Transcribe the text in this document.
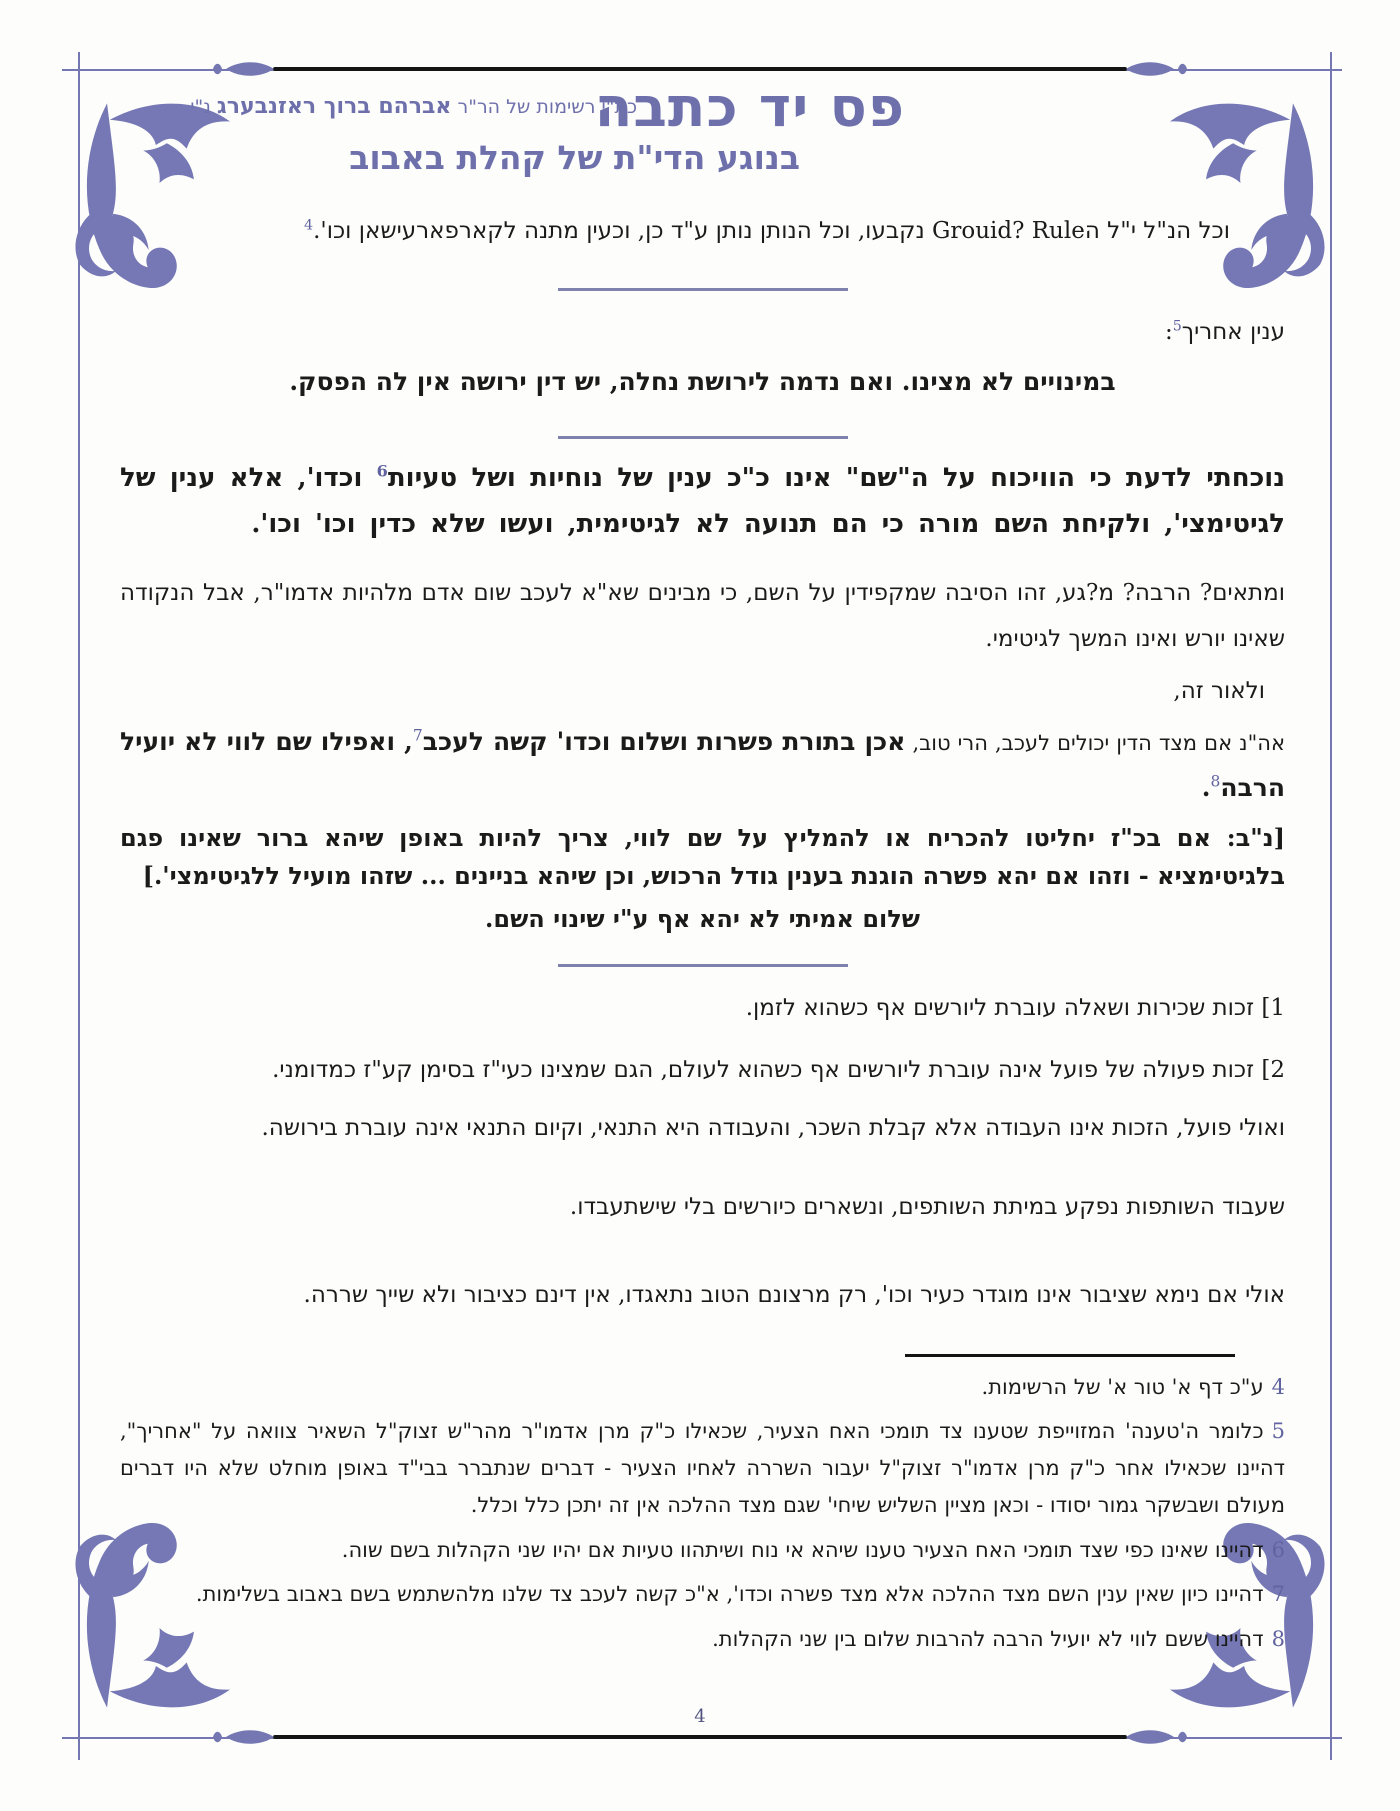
פס יד כתבה
כת"י רשימות של הר"ר אברהם ברוך ראזנבערג נ"י
בנוגע הדי"ת של קהלת באבוב

וכל הנ"ל י"ל הGrouid? Rule נקבעו, וכל הנותן נותן ע"ד כן, וכעין מתנה לקארפארעישאן וכו'.$^4$

ענין אחריך$^5$:

במינויים לא מצינו. ואם נדמה לירושת נחלה, יש דין ירושה אין לה הפסק.

נוכחתי לדעת כי הוויכוח על ה"שם" אינו כ"כ ענין של נוחיות ושל טעיות$^6$ וכדו', אלא ענין של לגיטימצי', ולקיחת השם מורה כי הם תנועה לא לגיטימית, ועשו שלא כדין וכו' וכו'.

ומתאים? הרבה? מ?גע, זהו הסיבה שמקפידין על השם, כי מבינים שא"א לעכב שום אדם מלהיות אדמו"ר, אבל הנקודה שאינו יורש ואינו המשך לגיטימי.

ולאור זה,

אה"נ אם מצד הדין יכולים לעכב, הרי טוב, אכן בתורת פשרות ושלום וכדו' קשה לעכב$^7$, ואפילו שם לווי לא יועיל הרבה$^8$.

[נ"ב: אם בכ"ז יחליטו להכריח או להמליץ על שם לווי, צריך להיות באופן שיהא ברור שאינו פגם בלגיטימציא - וזהו אם יהא פשרה הוגנת בענין גודל הרכוש, וכן שיהא בניינים ... שזהו מועיל ללגיטימצי'.]

שלום אמיתי לא יהא אף ע"י שינוי השם.

1] זכות שכירות ושאלה עוברת ליורשים אף כשהוא לזמן.

2] זכות פעולה של פועל אינה עוברת ליורשים אף כשהוא לעולם, הגם שמצינו כעי"ז בסימן קע"ז כמדומני.

ואולי פועל, הזכות אינו העבודה אלא קבלת השכר, והעבודה היא התנאי, וקיום התנאי אינה עוברת בירושה.

שעבוד השותפות נפקע במיתת השותפים, ונשארים כיורשים בלי שישתעבדו.

אולי אם נימא שציבור אינו מוגדר כעיר וכו', רק מרצונם הטוב נתאגדו, אין דינם כציבור ולא שייך שררה.

4ע"כ דף א' טור א' של הרשימות.

5כלומר ה'טענה' המזוייפת שטענו צד תומכי האח הצעיר, שכאילו כ"ק מרן אדמו"ר מהר"ש זצוק"ל השאיר צוואה על "אחריך", דהיינו שכאילו אחר כ"ק מרן אדמו"ר זצוק"ל יעבור השררה לאחיו הצעיר - דברים שנתברר בבי"ד באופן מוחלט שלא היו דברים מעולם ושבשקר גמור יסודו - וכאן מציין השליש שיחי' שגם מצד ההלכה אין זה יתכן כלל וכלל.

6דהיינו שאינו כפי שצד תומכי האח הצעיר טענו שיהא אי נוח ושיתהוו טעיות אם יהיו שני הקהלות בשם שוה.

7דהיינו כיון שאין ענין השם מצד ההלכה אלא מצד פשרה וכדו', א"כ קשה לעכב צד שלנו מלהשתמש בשם באבוב בשלימות.

8דהיינו ששם לווי לא יועיל הרבה להרבות שלום בין שני הקהלות.

4
